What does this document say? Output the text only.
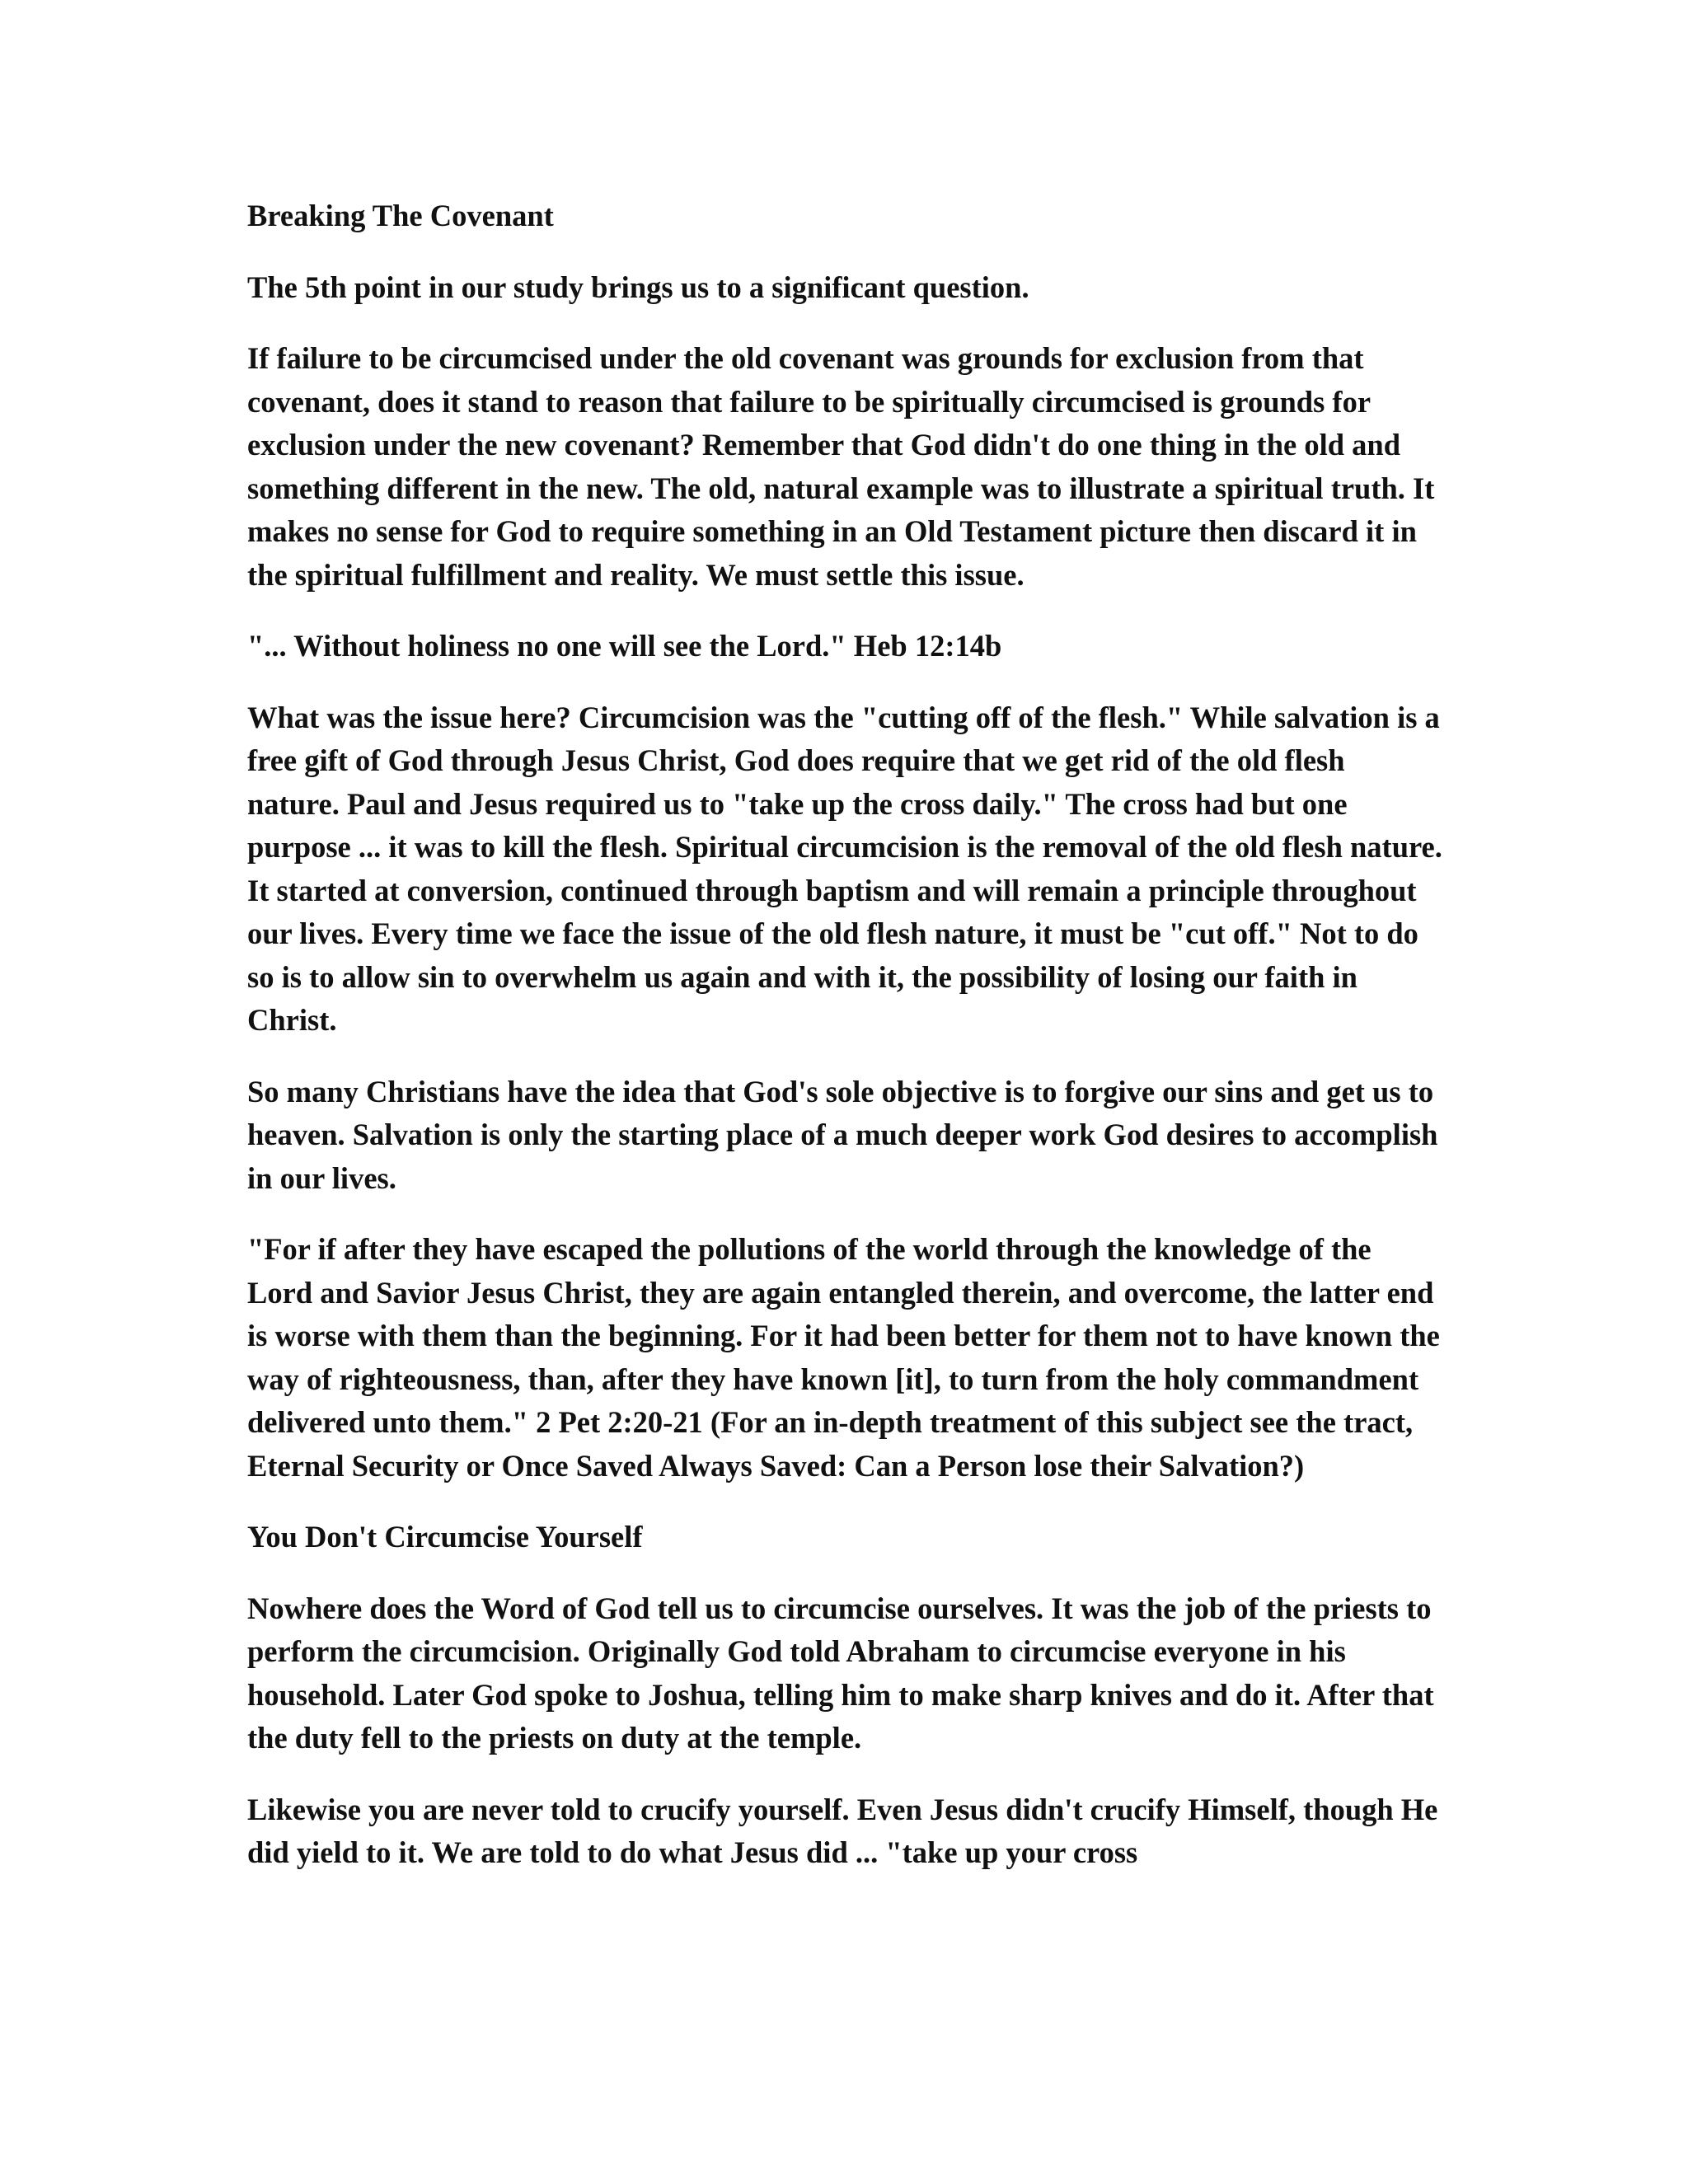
Breaking The Covenant

The 5th point in our study brings us to a significant question.

If failure to be circumcised under the old covenant was grounds for exclusion from that covenant, does it stand to reason that failure to be spiritually circumcised is grounds for exclusion under the new covenant? Remember that God didn't do one thing in the old and something different in the new. The old, natural example was to illustrate a spiritual truth. It makes no sense for God to require something in an Old Testament picture then discard it in the spiritual fulfillment and reality. We must settle this issue.

"... Without holiness no one will see the Lord." Heb 12:14b

What was the issue here? Circumcision was the "cutting off of the flesh." While salvation is a free gift of God through Jesus Christ, God does require that we get rid of the old flesh nature. Paul and Jesus required us to "take up the cross daily." The cross had but one purpose ... it was to kill the flesh. Spiritual circumcision is the removal of the old flesh nature. It started at conversion, continued through baptism and will remain a principle throughout our lives. Every time we face the issue of the old flesh nature, it must be "cut off." Not to do so is to allow sin to overwhelm us again and with it, the possibility of losing our faith in Christ.

So many Christians have the idea that God's sole objective is to forgive our sins and get us to heaven. Salvation is only the starting place of a much deeper work God desires to accomplish in our lives.

"For if after they have escaped the pollutions of the world through the knowledge of the Lord and Savior Jesus Christ, they are again entangled therein, and overcome, the latter end is worse with them than the beginning. For it had been better for them not to have known the way of righteousness, than, after they have known [it], to turn from the holy commandment delivered unto them." 2 Pet 2:20-21 (For an in-depth treatment of this subject see the tract, Eternal Security or Once Saved Always Saved: Can a Person lose their Salvation?)

You Don't Circumcise Yourself

Nowhere does the Word of God tell us to circumcise ourselves. It was the job of the priests to perform the circumcision. Originally God told Abraham to circumcise everyone in his household. Later God spoke to Joshua, telling him to make sharp knives and do it. After that the duty fell to the priests on duty at the temple.

Likewise you are never told to crucify yourself. Even Jesus didn't crucify Himself, though He did yield to it. We are told to do what Jesus did ... "take up your cross
